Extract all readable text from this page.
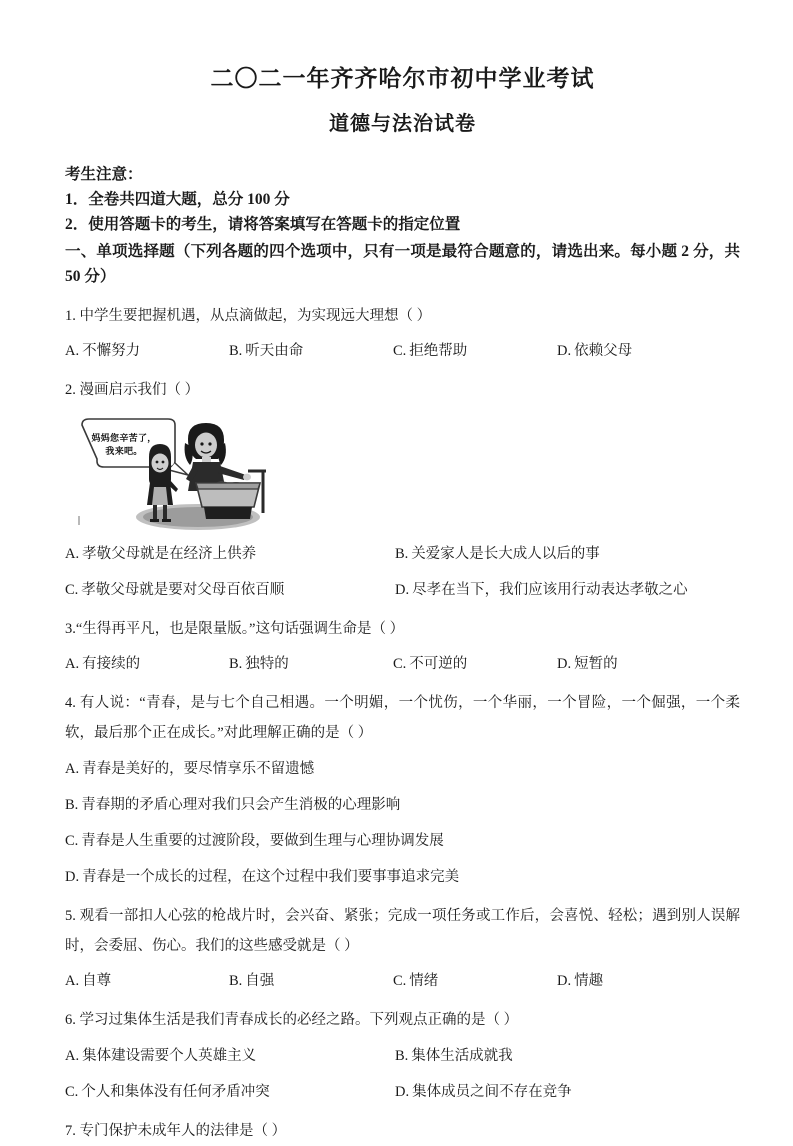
二〇二一年齐齐哈尔市初中学业考试
道德与法治试卷
考生注意：
1．全卷共四道大题，总分 100 分
2．使用答题卡的考生，请将答案填写在答题卡的指定位置
一、单项选择题（下列各题的四个选项中，只有一项是最符合题意的，请选出来。每小题 2 分，共 50 分）
1. 中学生要把握机遇，从点滴做起，为实现远大理想（ ）
A. 不懈努力	B. 听天由命	C. 拒绝帮助	D. 依赖父母
2. 漫画启示我们（ ）
妈妈您辛苦了，我来吧。
A. 孝敬父母就是在经济上供养	B. 关爱家人是长大成人以后的事
C. 孝敬父母就是要对父母百依百顺	D. 尽孝在当下，我们应该用行动表达孝敬之心
3.“生得再平凡，也是限量版。”这句话强调生命是（ ）
A. 有接续的	B. 独特的	C. 不可逆的	D. 短暂的
4. 有人说：“青春，是与七个自己相遇。一个明媚，一个忧伤，一个华丽，一个冒险，一个倔强，一个柔软，最后那个正在成长。”对此理解正确的是（ ）
A. 青春是美好的，要尽情享乐不留遗憾
B. 青春期的矛盾心理对我们只会产生消极的心理影响
C. 青春是人生重要的过渡阶段，要做到生理与心理协调发展
D. 青春是一个成长的过程，在这个过程中我们要事事追求完美
5. 观看一部扣人心弦的枪战片时，会兴奋、紧张；完成一项任务或工作后，会喜悦、轻松；遇到别人误解时，会委屈、伤心。我们的这些感受就是（ ）
A. 自尊	B. 自强	C. 情绪	D. 情趣
6. 学习过集体生活是我们青春成长的必经之路。下列观点正确的是（ ）
A. 集体建设需要个人英雄主义	B. 集体生活成就我
C. 个人和集体没有任何矛盾冲突	D. 集体成员之间不存在竞争
7. 专门保护未成年人的法律是（ ）
